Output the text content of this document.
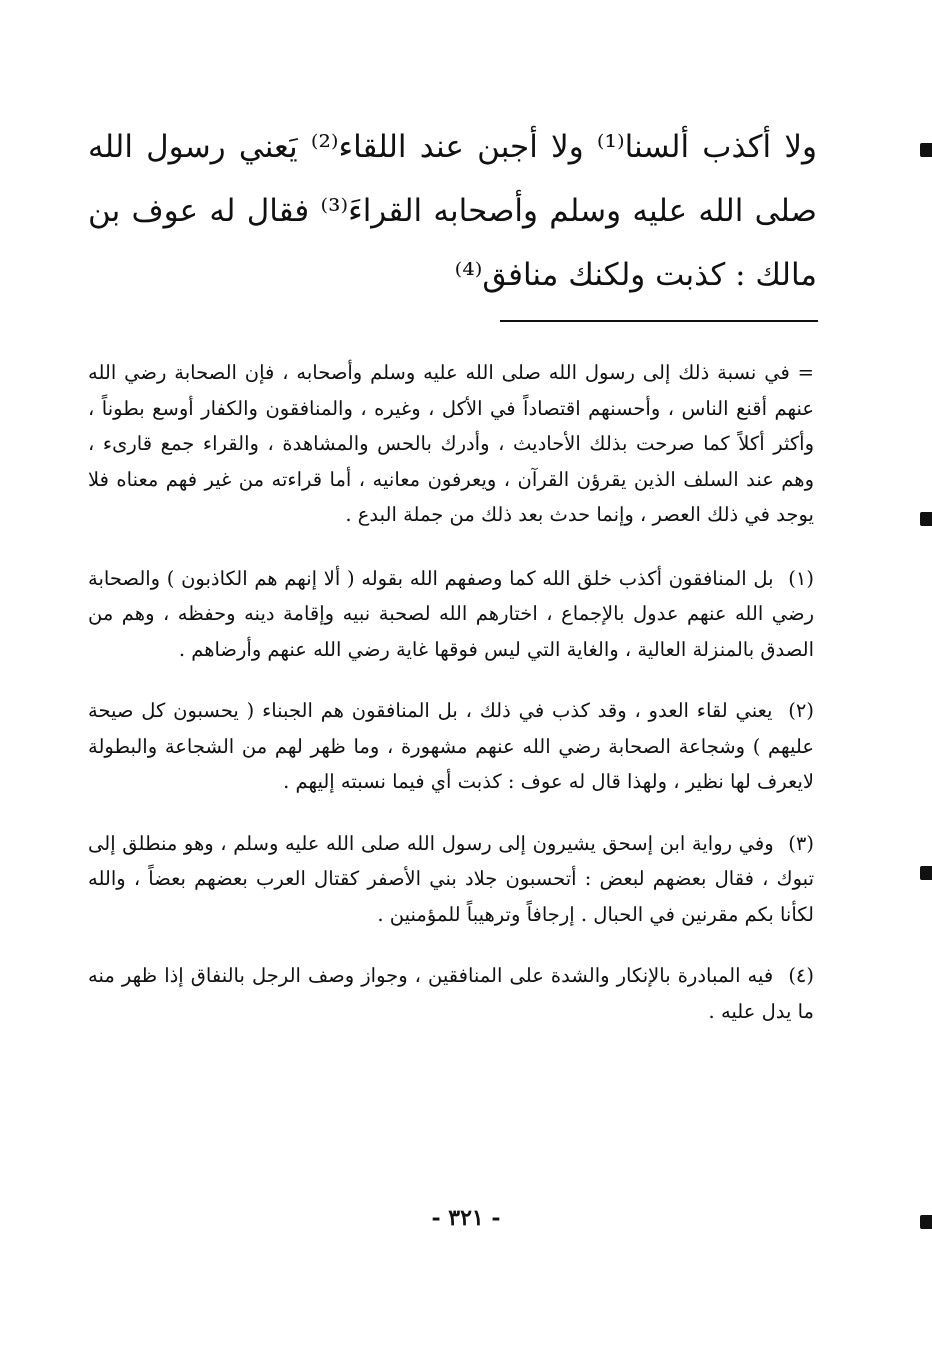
ولا أكذب ألسنا⁽¹⁾ ولا أجبن عند اللقاء⁽²⁾ يَعني رسول الله صلى الله عليه وسلم وأصحابه القراءَ⁽³⁾ فقال له عوف بن مالك : كذبت ولكنك منافق⁽⁴⁾

= في نسبة ذلك إلى رسول الله صلى الله عليه وسلم وأصحابه ، فإن الصحابة رضي الله عنهم أقنع الناس ، وأحسنهم اقتصاداً في الأكل ، وغيره ، والمنافقون والكفار أوسع بطوناً ، وأكثر أكلاً كما صرحت بذلك الأحاديث ، وأدرك بالحس والمشاهدة ، والقراء جمع قارىء ، وهم عند السلف الذين يقرؤن القرآن ، ويعرفون معانيه ، أما قراءته من غير فهم معناه فلا يوجد في ذلك العصر ، وإنما حدث بعد ذلك من جملة البدع .

(١) بل المنافقون أكذب خلق الله كما وصفهم الله بقوله ( ألا إنهم هم الكاذبون ) والصحابة رضي الله عنهم عدول بالإجماع ، اختارهم الله لصحبة نبيه وإقامة دينه وحفظه ، وهم من الصدق بالمنزلة العالية ، والغاية التي ليس فوقها غاية رضي الله عنهم وأرضاهم .

(٢) يعني لقاء العدو ، وقد كذب في ذلك ، بل المنافقون هم الجبناء ( يحسبون كل صيحة عليهم ) وشجاعة الصحابة رضي الله عنهم مشهورة ، وما ظهر لهم من الشجاعة والبطولة لايعرف لها نظير ، ولهذا قال له عوف : كذبت أي فيما نسبته إليهم .

(٣) وفي رواية ابن إسحق يشيرون إلى رسول الله صلى الله عليه وسلم ، وهو منطلق إلى تبوك ، فقال بعضهم لبعض : أتحسبون جلاد بني الأصفر كقتال العرب بعضهم بعضاً ، والله لكأنا بكم مقرنين في الحبال . إرجافاً وترهيباً للمؤمنين .

(٤) فيه المبادرة بالإنكار والشدة على المنافقين ، وجواز وصف الرجل بالنفاق إذا ظهر منه ما يدل عليه .

- ٣٢١ -
